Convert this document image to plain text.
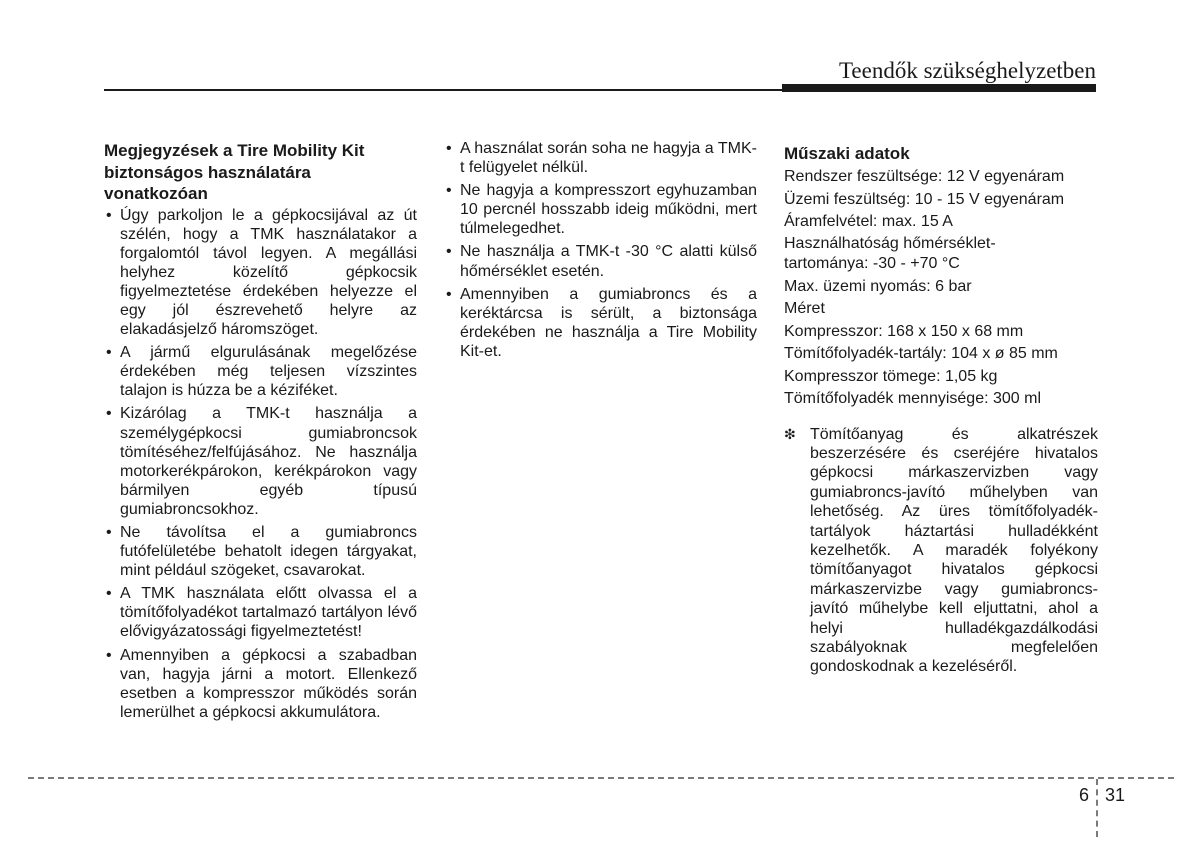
Teendők szükséghelyzetben
Megjegyzések a Tire Mobility Kit
biztonságos használatára
vonatkozóan
• Úgy parkoljon le a gépkocsijával az út szélén, hogy a TMK használatakor a forgalomtól távol legyen. A megállási helyhez közelítő gépkocsik figyelmeztetése érdekében helyezze el egy jól észrevehető helyre az elakadásjelző háromszöget.
• A jármű elgurulásának megelőzése érdekében még teljesen vízszintes talajon is húzza be a kéziféket.
• Kizárólag a TMK-t használja a személygépkocsi gumiabroncsok tömítéséhez/felfújásához. Ne használja motorkerékpárokon, kerékpárokon vagy bármilyen egyéb típusú gumiabroncsokhoz.
• Ne távolítsa el a gumiabroncs futófelületébe behatolt idegen tárgyakat, mint például szögeket, csavarokat.
• A TMK használata előtt olvassa el a tömítőfolyadékot tartalmazó tartályon lévő elővigyázatossági figyelmeztetést!
• Amennyiben a gépkocsi a szabadban van, hagyja járni a motort. Ellenkező esetben a kompresszor működés során lemerülhet a gépkocsi akkumulátora.
• A használat során soha ne hagyja a TMK-t felügyelet nélkül.
• Ne hagyja a kompresszort egyhuzamban 10 percnél hosszabb ideig működni, mert túlmelegedhet.
• Ne használja a TMK-t -30 °C alatti külső hőmérséklet esetén.
• Amennyiben a gumiabroncs és a keréktárcsa is sérült, a biztonsága érdekében ne használja a Tire Mobility Kit-et.
Műszaki adatok
Rendszer feszültsége: 12 V egyenáram
Üzemi feszültség: 10 - 15 V egyenáram
Áramfelvétel: max. 15 A
Használhatóság hőmérséklet-
tartománya: -30 - +70 °C
Max. üzemi nyomás: 6 bar
Méret
Kompresszor: 168 x 150 x 68 mm
Tömítőfolyadék-tartály: 104 x ø 85 mm
Kompresszor tömege: 1,05 kg
Tömítőfolyadék mennyisége: 300 ml
❇ Tömítőanyag és alkatrészek beszerzésére és cseréjére hivatalos gépkocsi márkaszervizben vagy gumiabroncs-javító műhelyben van lehetőség. Az üres tömítőfolyadék-tartályok háztartási hulladékként kezelhetők. A maradék folyékony tömítőanyagot hivatalos gépkocsi márkaszervizbe vagy gumiabroncs-javító műhelybe kell eljuttatni, ahol a helyi hulladékgazdálkodási szabályoknak megfelelően gondoskodnak a kezeléséről.
6 31
